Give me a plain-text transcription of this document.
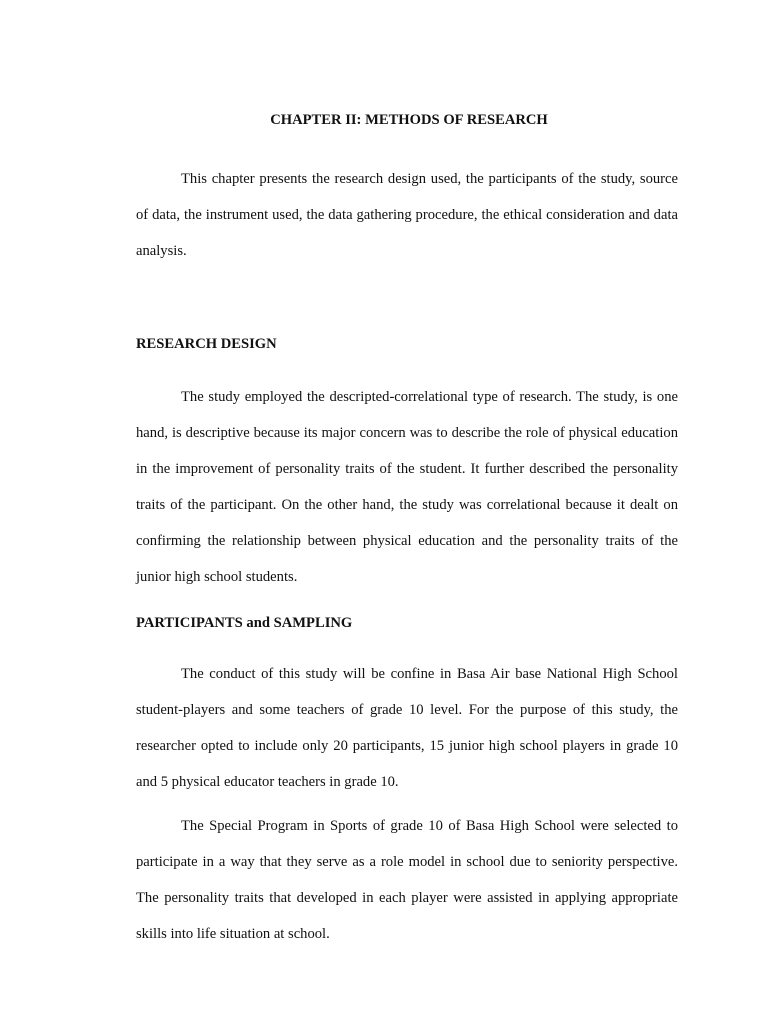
CHAPTER II: METHODS OF RESEARCH

This chapter presents the research design used, the participants of the study, source of data, the instrument used, the data gathering procedure, the ethical consideration and data analysis.

RESEARCH DESIGN

The study employed the descripted-correlational type of research. The study, is one hand, is descriptive because its major concern was to describe the role of physical education in the improvement of personality traits of the student. It further described the personality traits of the participant. On the other hand, the study was correlational because it dealt on confirming the relationship between physical education and the personality traits of the junior high school students.

PARTICIPANTS and SAMPLING

The conduct of this study will be confine in Basa Air base National High School student-players and some teachers of grade 10 level. For the purpose of this study, the researcher opted to include only 20 participants, 15 junior high school players in grade 10 and 5 physical educator teachers in grade 10.

The Special Program in Sports of grade 10 of Basa High School were selected to participate in a way that they serve as a role model in school due to seniority perspective. The personality traits that developed in each player were assisted in applying appropriate skills into life situation at school.
